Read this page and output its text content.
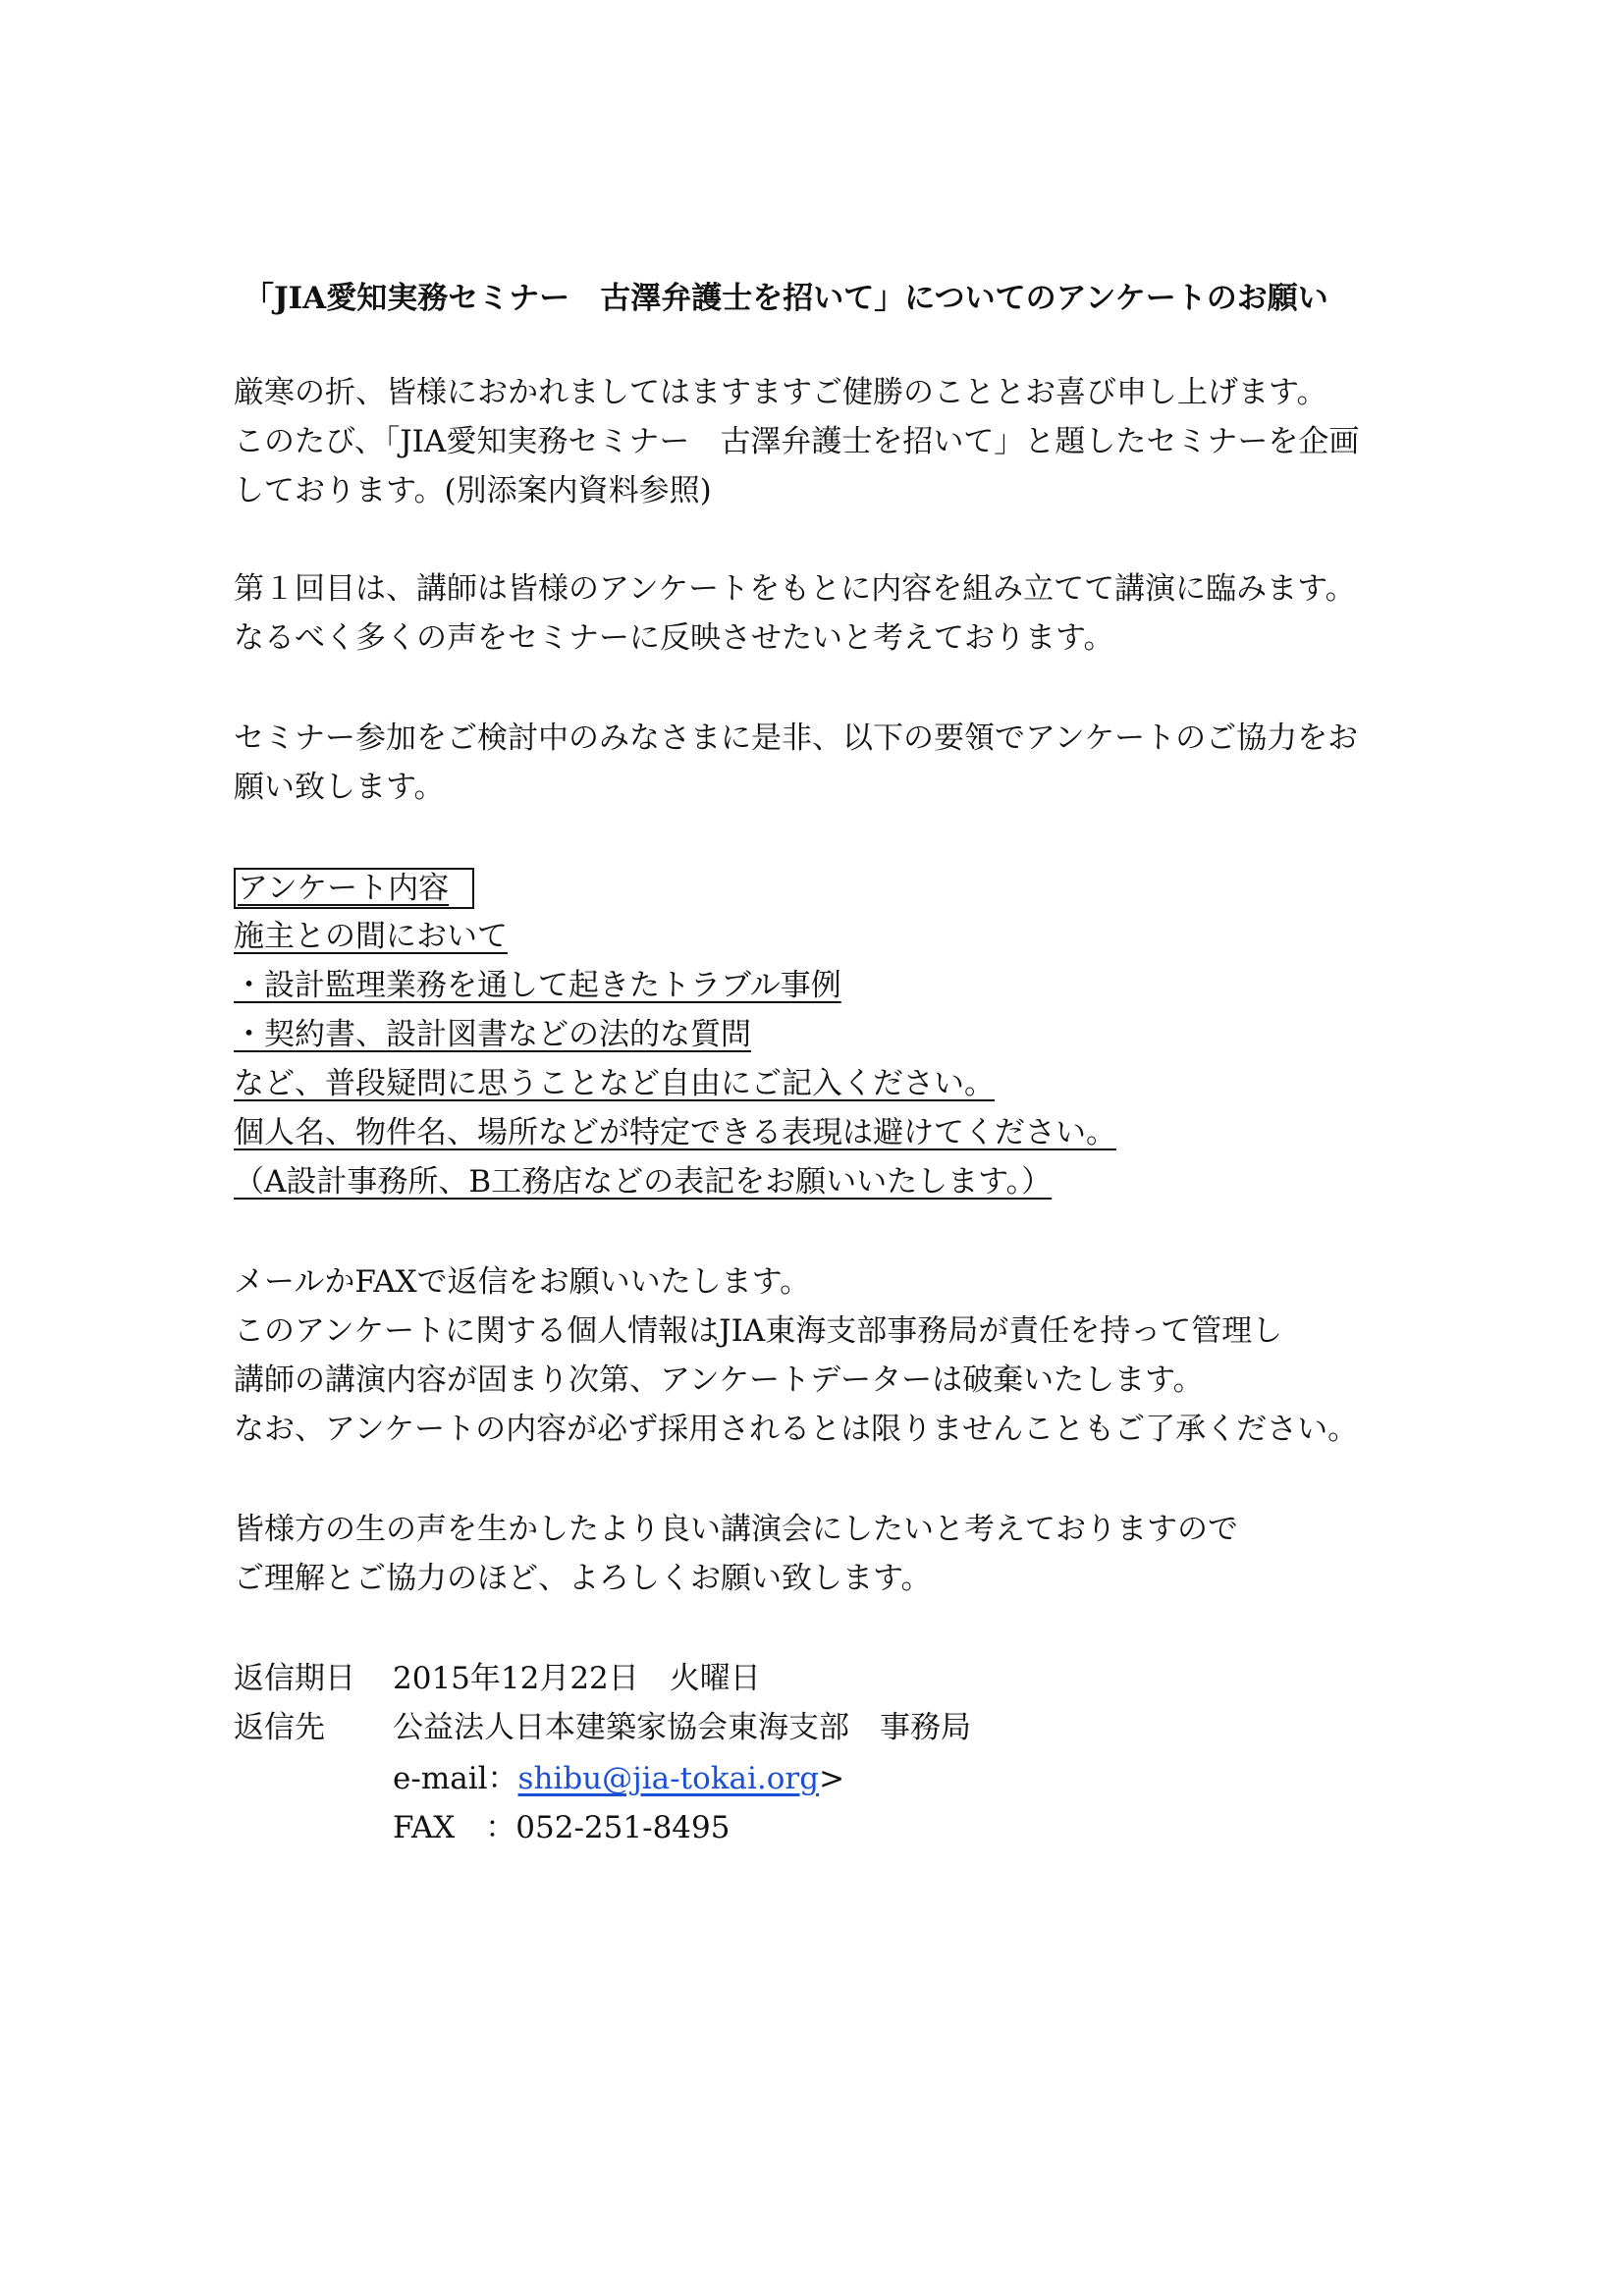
「JIA愛知実務セミナー　古澤弁護士を招いて」についてのアンケートのお願い
厳寒の折、皆様におかれましてはますますご健勝のこととお喜び申し上げます。
このたび、「JIA愛知実務セミナー　古澤弁護士を招いて」と題したセミナーを企画
しております。(別添案内資料参照)
第１回目は、講師は皆様のアンケートをもとに内容を組み立てて講演に臨みます。
なるべく多くの声をセミナーに反映させたいと考えております。
セミナー参加をご検討中のみなさまに是非、以下の要領でアンケートのご協力をお
願い致します。
アンケート内容
施主との間において
・設計監理業務を通して起きたトラブル事例
・契約書、設計図書などの法的な質問
など、普段疑問に思うことなど自由にご記入ください。
個人名、物件名、場所などが特定できる表現は避けてください。
（A設計事務所、B工務店などの表記をお願いいたします。）
メールかFAXで返信をお願いいたします。
このアンケートに関する個人情報はJIA東海支部事務局が責任を持って管理し
講師の講演内容が固まり次第、アンケートデーターは破棄いたします。
なお、アンケートの内容が必ず採用されるとは限りませんこともご了承ください。
皆様方の生の声を生かしたより良い講演会にしたいと考えておりますので
ご理解とご協力のほど、よろしくお願い致します。
返信期日 2015年12月22日　火曜日
返信先 公益法人日本建築家協会東海支部　事務局
e-mail：shibu@jia-tokai.org>
FAX　：052-251-8495
